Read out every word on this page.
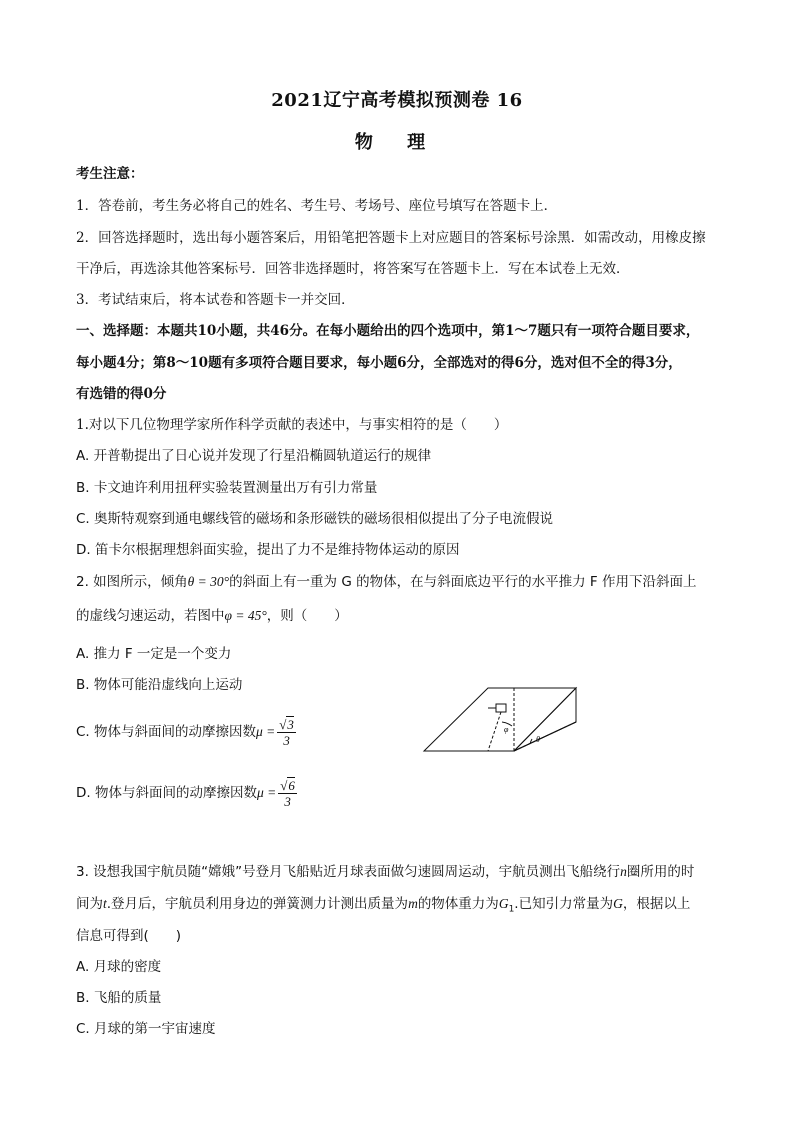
2021辽宁高考模拟预测卷 16
物 理
考生注意：
1．答卷前，考生务必将自己的姓名、考生号、考场号、座位号填写在答题卡上．
2．回答选择题时，选出每小题答案后，用铅笔把答题卡上对应题目的答案标号涂黑．如需改动，用橡皮擦
干净后，再选涂其他答案标号．回答非选择题时，将答案写在答题卡上．写在本试卷上无效．
3．考试结束后，将本试卷和答题卡一并交回．
一、选择题：本题共10小题，共46分。在每小题给出的四个选项中，第1～7题只有一项符合题目要求，
每小题4分；第8～10题有多项符合题目要求，每小题6分，全部选对的得6分，选对但不全的得3分，
有选错的得0分
1.对以下几位物理学家所作科学贡献的表述中，与事实相符的是（　　）
A. 开普勒提出了日心说并发现了行星沿椭圆轨道运行的规律
B. 卡文迪许利用扭秤实验装置测量出万有引力常量
C. 奥斯特观察到通电螺线管的磁场和条形磁铁的磁场很相似提出了分子电流假说
D. 笛卡尔根据理想斜面实验，提出了力不是维持物体运动的原因
2. 如图所示，倾角θ = 30°的斜面上有一重为 G 的物体，在与斜面底边平行的水平推力 F 作用下沿斜面上
的虚线匀速运动，若图中φ = 45°，则（　　）
A. 推力 F 一定是一个变力
B. 物体可能沿虚线向上运动
C. 物体与斜面间的动摩擦因数$\mu = \frac{√3}{3}$
D. 物体与斜面间的动摩擦因数$\mu = \frac{√6}{3}$
φ
θ
3. 设想我国宇航员随“嫦娥”号登月飞船贴近月球表面做匀速圆周运动，宇航员测出飞船绕行n圈所用的时
间为t.登月后，宇航员利用身边的弹簧测力计测出质量为m的物体重力为$G_1$.已知引力常量为G，根据以上
信息可得到(　　)
A. 月球的密度
B. 飞船的质量
C. 月球的第一宇宙速度
